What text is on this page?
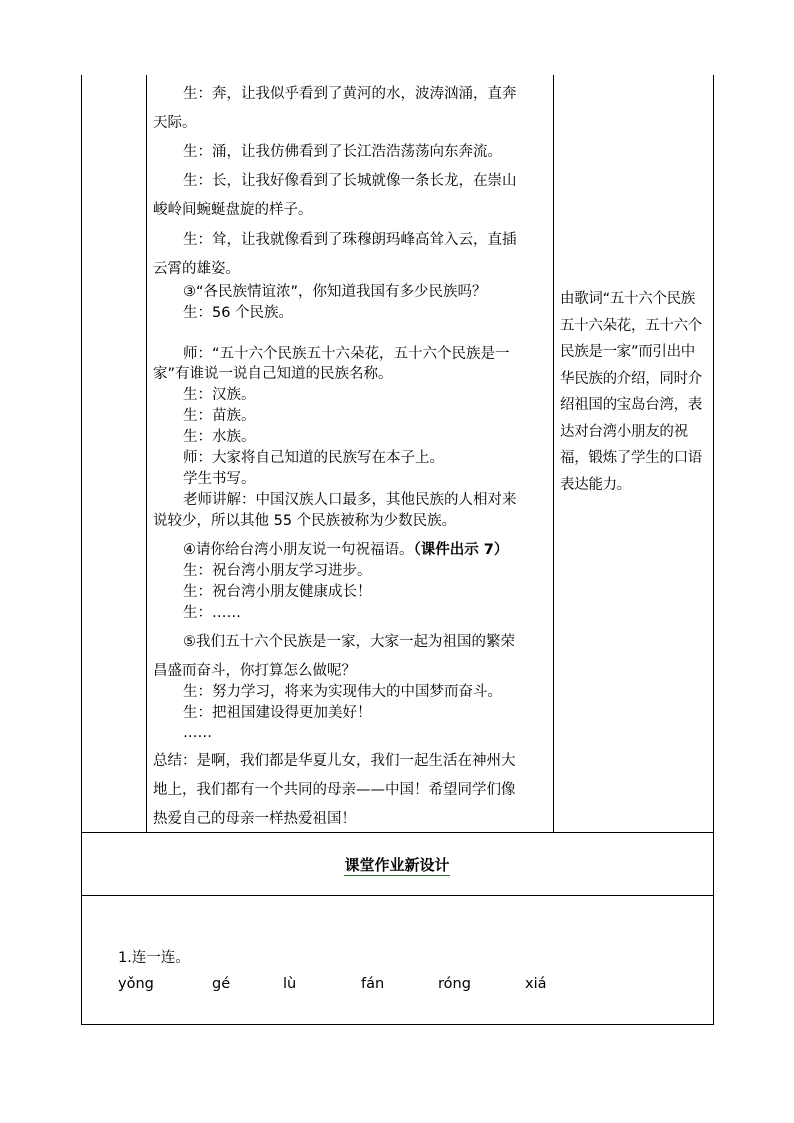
生：奔，让我似乎看到了黄河的水，波涛汹涌，直奔
天际。
生：涌，让我仿佛看到了长江浩浩荡荡向东奔流。
生：长，让我好像看到了长城就像一条长龙，在崇山
峻岭间蜿蜒盘旋的样子。
生：耸，让我就像看到了珠穆朗玛峰高耸入云，直插
云霄的雄姿。
③“各民族情谊浓”，你知道我国有多少民族吗？
生：56 个民族。
师：“五十六个民族五十六朵花，五十六个民族是一
家”有谁说一说自己知道的民族名称。
生：汉族。
生：苗族。
生：水族。
师：大家将自己知道的民族写在本子上。
学生书写。
老师讲解：中国汉族人口最多，其他民族的人相对来
说较少，所以其他 55 个民族被称为少数民族。
④请你给台湾小朋友说一句祝福语。（课件出示 7）
生：祝台湾小朋友学习进步。
生：祝台湾小朋友健康成长！
生：……
⑤我们五十六个民族是一家，大家一起为祖国的繁荣
昌盛而奋斗，你打算怎么做呢？
生：努力学习，将来为实现伟大的中国梦而奋斗。
生：把祖国建设得更加美好！
……
总结：是啊，我们都是华夏儿女，我们一起生活在神州大
地上，我们都有一个共同的母亲——中国！希望同学们像
热爱自己的母亲一样热爱祖国！
由歌词“五十六个民族
五十六朵花，五十六个
民族是一家”而引出中
华民族的介绍，同时介
绍祖国的宝岛台湾，表
达对台湾小朋友的祝
福，锻炼了学生的口语
表达能力。
课堂作业新设计
1.连一连。
yǒng	gé	lù	fán	róng	xiá
